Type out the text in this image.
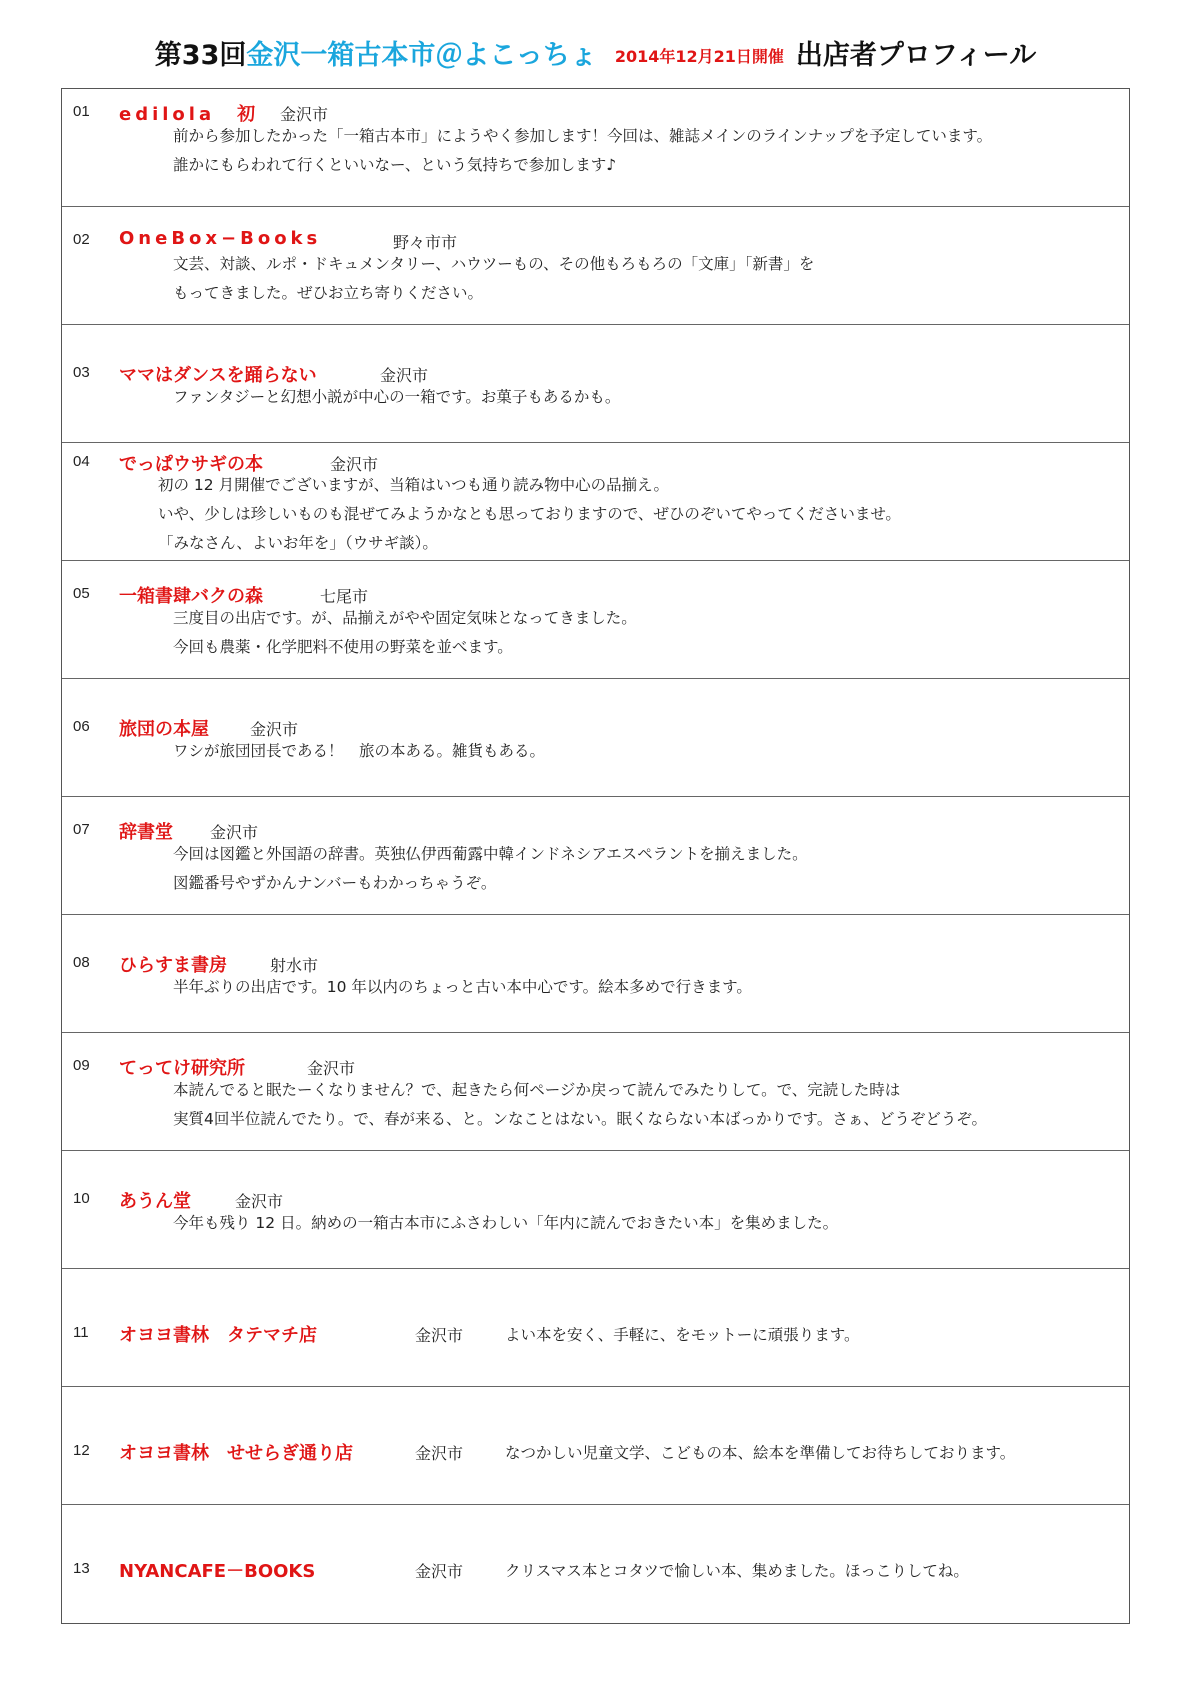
第33回金沢一箱古本市＠よこっちょ 2014年12月21日開催 出店者プロフィール
01	edilola　初 金沢市
前から参加したかった「一箱古本市」にようやく参加します！今回は、雑誌メインのラインナップを予定しています。
誰かにもらわれて行くといいなー、という気持ちで参加します♪
02	OneBox−Books	野々市市
文芸、対談、ルポ・ドキュメンタリー、ハウツーもの、その他もろもろの「文庫」「新書」を
もってきました。ぜひお立ち寄りください。
03	ママはダンスを踊らない	金沢市
ファンタジーと幻想小説が中心の一箱です。お菓子もあるかも。
04	でっぱウサギの本	金沢市
初の 12 月開催でございますが、当箱はいつも通り読み物中心の品揃え。
いや、少しは珍しいものも混ぜてみようかなとも思っておりますので、ぜひのぞいてやってくださいませ。
「みなさん、よいお年を」（ウサギ談）。
05	一箱書肆バクの森	七尾市
三度目の出店です。が、品揃えがやや固定気味となってきました。
今回も農薬・化学肥料不使用の野菜を並べます。
06	旅団の本屋	金沢市
ワシが旅団団長である！　旅の本ある。雑貨もある。
07	辞書堂 金沢市
今回は図鑑と外国語の辞書。英独仏伊西葡露中韓インドネシアエスペラントを揃えました。
図鑑番号やずかんナンバーもわかっちゃうぞ。
08	ひらすま書房	射水市
半年ぶりの出店です。10 年以内のちょっと古い本中心です。絵本多めで行きます。
09	てってけ研究所	金沢市
本読んでると眠たーくなりません？で、起きたら何ページか戻って読んでみたりして。で、完読した時は
実質4回半位読んでたり。で、春が来る、と。ンなことはない。眠くならない本ばっかりです。さぁ、どうぞどうぞ。
10	あうん堂	金沢市
今年も残り 12 日。納めの一箱古本市にふさわしい「年内に読んでおきたい本」を集めました。
11	オヨヨ書林　タテマチ店	金沢市	よい本を安く、手軽に、をモットーに頑張ります。
12	オヨヨ書林　せせらぎ通り店	金沢市	なつかしい児童文学、こどもの本、絵本を準備してお待ちしております。
13	NYANCAFE－BOOKS	金沢市	クリスマス本とコタツで愉しい本、集めました。ほっこりしてね。
